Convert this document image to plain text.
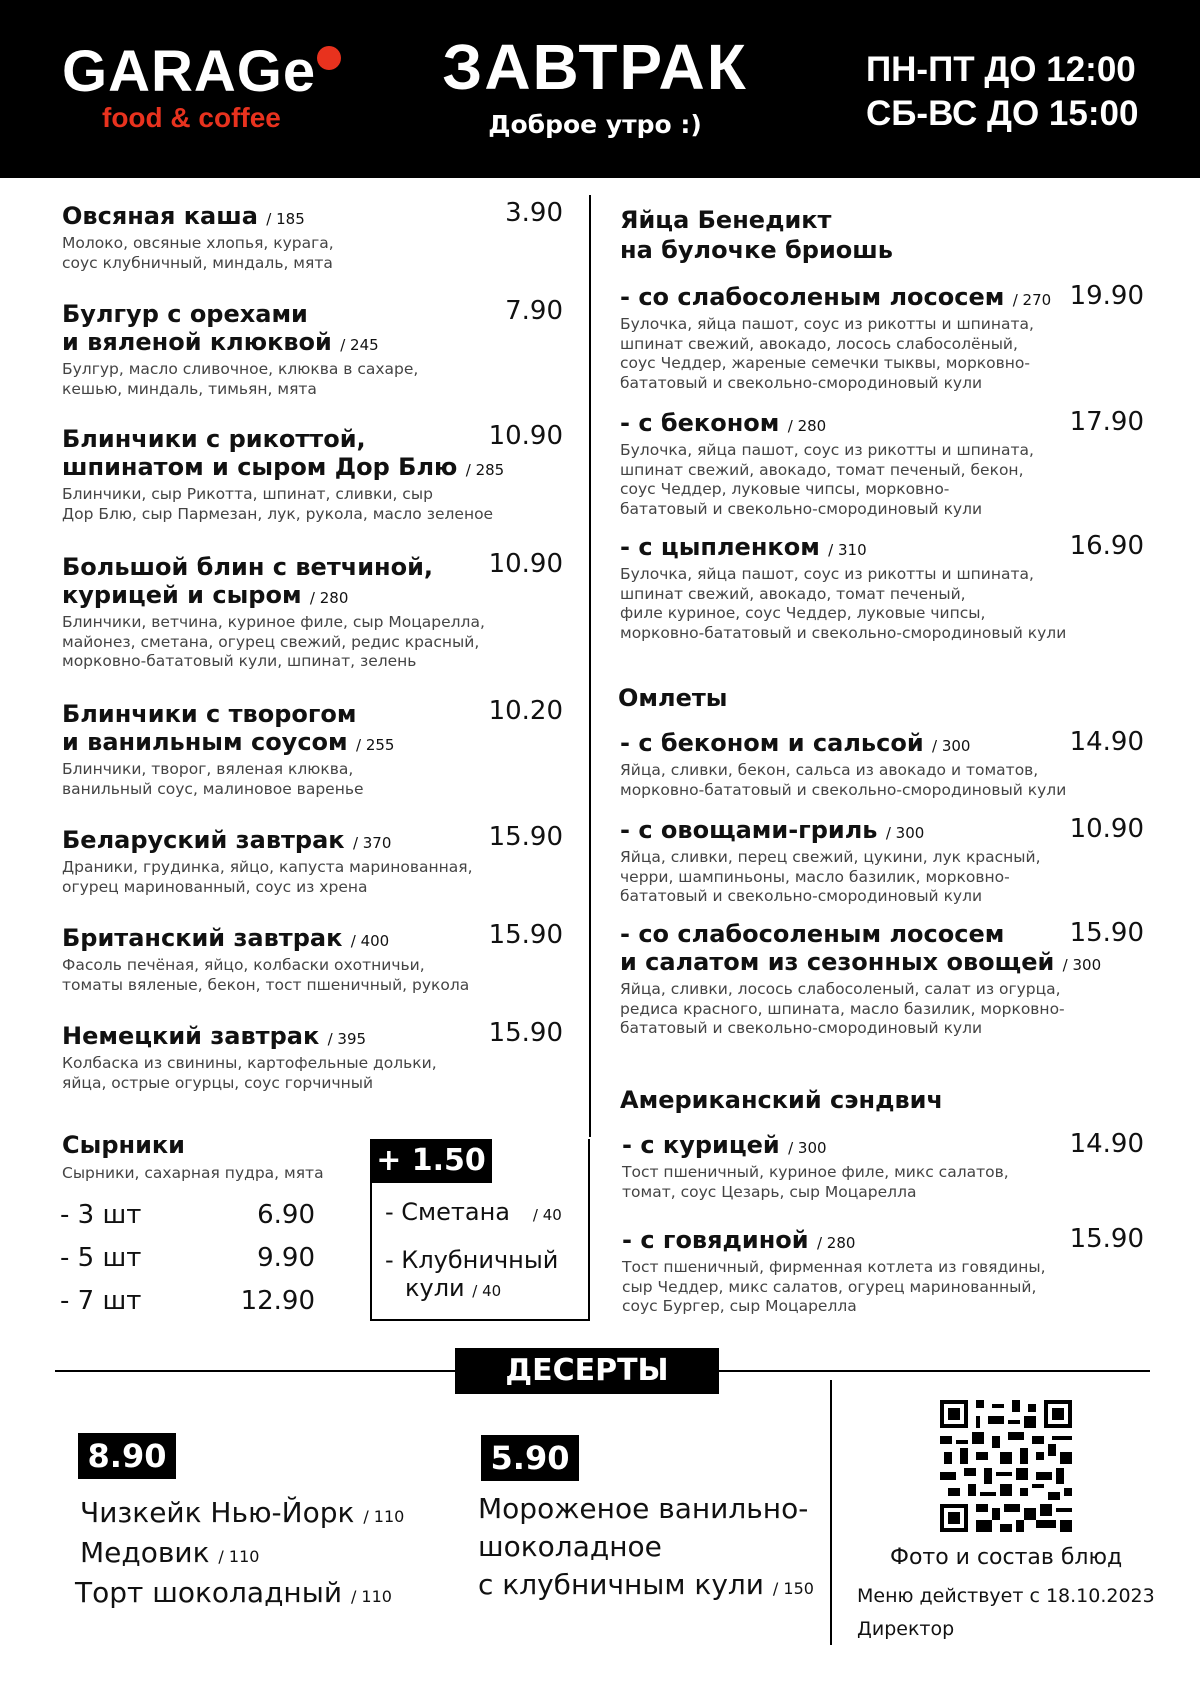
GARAGe
food & coffee
ЗАВТРАК
Доброе утро :)
ПН-ПТ ДО 12:00
СБ-ВС ДО 15:00
Овсяная каша / 185
Молоко, овсяные хлопья, курага,
соус клубничный, миндаль, мята
3.90
Булгур с орехами
и вяленой клюквой / 245
Булгур, масло сливочное, клюква в сахаре,
кешью, миндаль, тимьян, мята
7.90
Блинчики с рикоттой,
шпинатом и сыром Дор Блю / 285
Блинчики, сыр Рикотта, шпинат, сливки, сыр
Дор Блю, сыр Пармезан, лук, рукола, масло зеленое
10.90
Большой блин с ветчиной,
курицей и сыром / 280
Блинчики, ветчина, куриное филе, сыр Моцарелла,
майонез, сметана, огурец свежий, редис красный,
морковно-бататовый кули, шпинат, зелень
10.90
Блинчики с творогом
и ванильным соусом / 255
Блинчики, творог, вяленая клюква,
ванильный соус, малиновое варенье
10.20
Беларуский завтрак / 370
Драники, грудинка, яйцо, капуста маринованная,
огурец маринованный, соус из хрена
15.90
Британский завтрак / 400
Фасоль печёная, яйцо, колбаски охотничьи,
томаты вяленые, бекон, тост пшеничный, рукола
15.90
Немецкий завтрак / 395
Колбаска из свинины, картофельные дольки,
яйца, острые огурцы, соус горчичный
15.90
Сырники
Сырники, сахарная пудра, мята
- 3 шт	6.90
- 5 шт	9.90
- 7 шт	12.90
+ 1.50
- Сметана / 40
- Клубничный
кули / 40
Яйца Бенедикт
на булочке бриошь
- со слабосоленым лососем / 270
Булочка, яйца пашот, соус из рикотты и шпината,
шпинат свежий, авокадо, лосось слабосолёный,
соус Чеддер, жареные семечки тыквы, морковно-
бататовый и свекольно-смородиновый кули
19.90
- с беконом / 280
Булочка, яйца пашот, соус из рикотты и шпината,
шпинат свежий, авокадо, томат печеный, бекон,
соус Чеддер, луковые чипсы, морковно-
бататовый и свекольно-смородиновый кули
17.90
- с цыпленком / 310
Булочка, яйца пашот, соус из рикотты и шпината,
шпинат свежий, авокадо, томат печеный,
филе куриное, соус Чеддер, луковые чипсы,
морковно-бататовый и свекольно-смородиновый кули
16.90
- с беконом и сальсой / 300
Яйца, сливки, бекон, сальса из авокадо и томатов,
морковно-бататовый и свекольно-смородиновый кули
14.90
- с овощами-гриль / 300
Яйца, сливки, перец свежий, цукини, лук красный,
черри, шампиньоны, масло базилик, морковно-
бататовый и свекольно-смородиновый кули
10.90
- со слабосоленым лососем
и салатом из сезонных овощей / 300
Яйца, сливки, лосось слабосоленый, салат из огурца,
редиса красного, шпината, масло базилик, морковно-
бататовый и свекольно-смородиновый кули
15.90
- с курицей / 300
Тост пшеничный, куриное филе, микс салатов,
томат, соус Цезарь, сыр Моцарелла
14.90
- с говядиной / 280
Тост пшеничный, фирменная котлета из говядины,
сыр Чеддер, микс салатов, огурец маринованный,
соус Бургер, сыр Моцарелла
15.90
Омлеты
Американский сэндвич
ДЕСЕРТЫ
8.90
Чизкейк Нью-Йорк / 110
Медовик / 110
Торт шоколадный / 110
5.90
Мороженое ванильно-
шоколадное
с клубничным кули / 150
Фото и состав блюд
Меню действует с 18.10.2023
Директор
